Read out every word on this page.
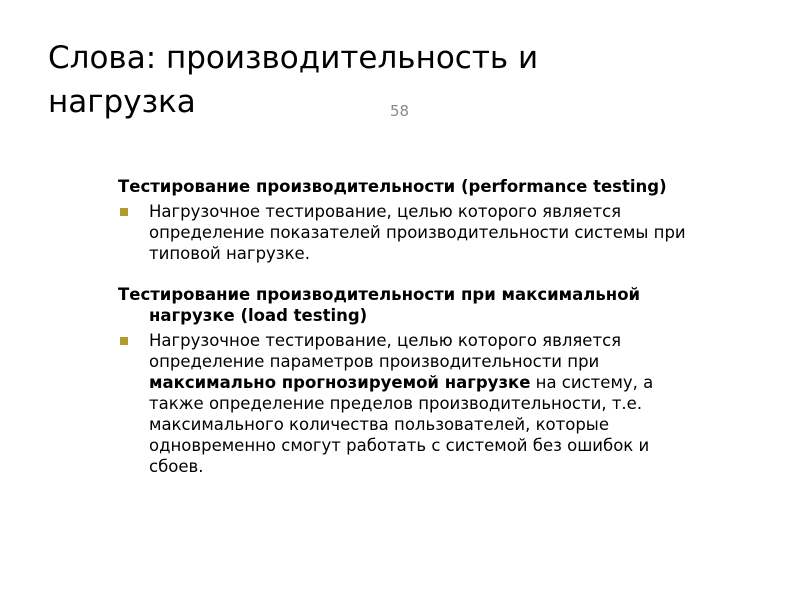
Слова: производительность и нагрузка	58

Тестирование производительности (performance testing)

Нагрузочное тестирование, целью которого является определение показателей производительности системы при типовой нагрузке.

Тестирование производительности при максимальной нагрузке (load testing)

Нагрузочное тестирование, целью которого является определение параметров производительности при максимально прогнозируемой нагрузке на систему, а также определение пределов производительности, т.е. максимального количества пользователей, которые одновременно смогут работать с системой без ошибок и сбоев.
